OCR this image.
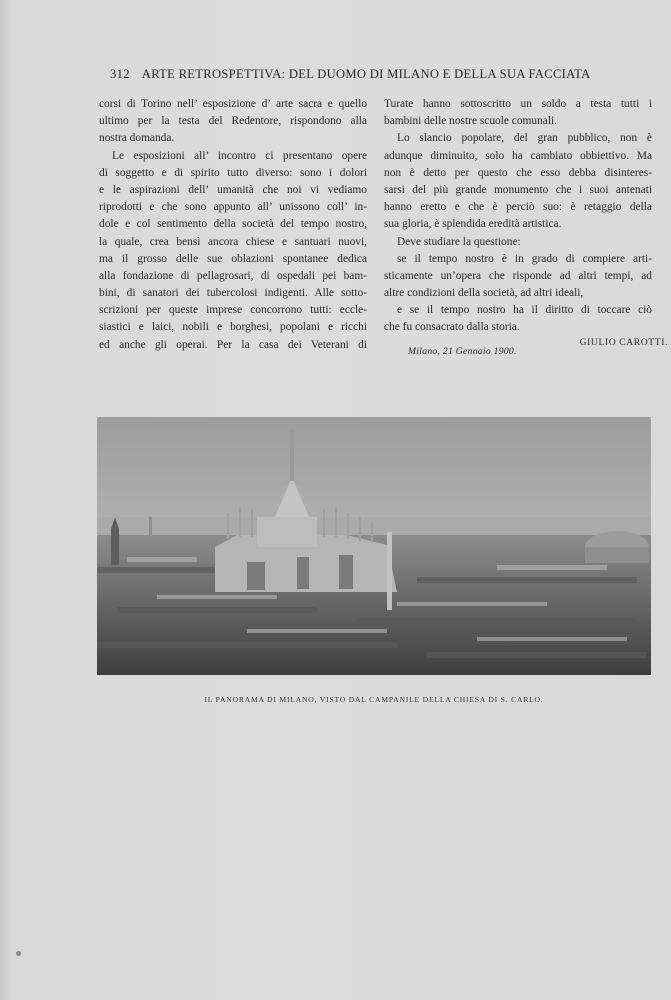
312 ARTE RETROSPETTIVA: DEL DUOMO DI MILANO E DELLA SUA FACCIATA
corsi di Torino nell’ esposizione d’ arte sacra e quello
ultimo per la testa del Redentore, rispondono alla
nostra domanda.
Le esposizioni all’ incontro ci presentano opere
di soggetto e di spirito tutto diverso: sono i dolori
e le aspirazioni dell’ umanità che noi vi vediamo
riprodotti e che sono appunto all’ unissono coll’ in-
dole e col sentimento della società del tempo nostro,
la quale, crea bensì ancora chiese e santuari nuovi,
ma il grosso delle sue oblazioni spontanee dedica
alla fondazione di pellagrosari, di ospedali pei bam-
bini, di sanatori dei tubercolosi indigenti. Alle sotto-
scrizioni per queste imprese concorrono tutti: eccle-
siastici e laici, nobili e borghesi, popolani e ricchi
ed anche gli operai. Per la casa dei Veterani di
Turate hanno sottoscritto un soldo a testa tutti i
bambini delle nostre scuole comunali.
Lo slancio popolare, del gran pubblico, non è
adunque diminuito, solo ha cambiato obbiettivo. Ma
non è detto per questo che esso debba disinteres-
sarsi del più grande monumento che i suoi antenati
hanno eretto e che è perciò suo: è retaggio della
sua gloria, è splendida eredità artistica.
Deve studiare la questione:
se il tempo nostro è in grado di compiere arti-
sticamente un’opera che risponde ad altri tempi, ad
altre condizioni della società, ad altri ideali,
e se il tempo nostro ha il diritto di toccare ciò
che fu consacrato dalla storia.
GIULIO CAROTTI.
Milano, 21 Gennaio 1900.
IL PANORAMA DI MILANO, VISTO DAL CAMPANILE DELLA CHIESA DI S. CARLO.
